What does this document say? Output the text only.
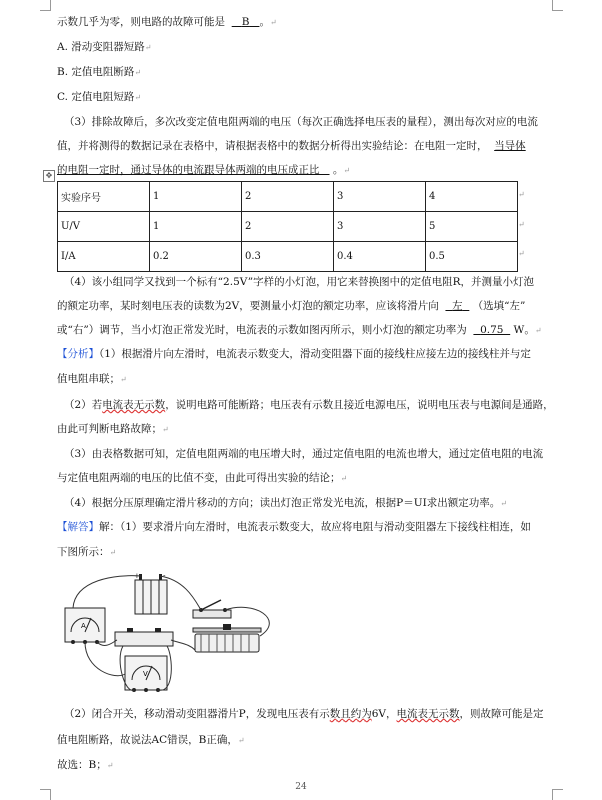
示数几乎为零，则电路的故障可能是 B 。↵
A. 滑动变阻器短路↵
B. 定值电阻断路↵
C. 定值电阻短路↵
（3）排除故障后，多次改变定值电阻两端的电压（每次正确选择电压表的量程），测出每次对应的电流
值，并将测得的数据记录在表格中，请根据表格中的数据分析得出实验结论：在电阻一定时， 当导体
的电阻一定时，通过导体的电流跟导体两端的电压成正比 。↵
✥
实验序号	1	2	3	4
U/V	1	2	3	5
I/A	0.2	0.3	0.4	0.5
↵
↵
↵
（4）该小组同学又找到一个标有“2.5V”字样的小灯泡，用它来替换图中的定值电阻R，并测量小灯泡
的额定功率，某时刻电压表的读数为2V，要测量小灯泡的额定功率，应该将滑片向 左 （选填“左”
或“右”）调节，当小灯泡正常发光时，电流表的示数如图丙所示，则小灯泡的额定功率为 0.75 W。↵
【分析】（1）根据滑片向左滑时，电流表示数变大，滑动变阻器下面的接线柱应接左边的接线柱并与定
值电阻串联；↵
（2）若电流表无示数，说明电路可能断路；电压表有示数且接近电源电压，说明电压表与电源间是通路，
由此可判断电路故障；↵
（3）由表格数据可知，定值电阻两端的电压增大时，通过定值电阻的电流也增大，通过定值电阻的电流
与定值电阻两端的电压的比值不变，由此可得出实验的结论；↵
（4）根据分压原理确定滑片移动的方向；读出灯泡正常发光电流，根据P＝UI求出额定功率。↵
【解答】解：（1）要求滑片向左滑时，电流表示数变大，故应将电阻与滑动变阻器左下接线柱相连，如
下图所示：↵
+	-
A
V
（2）闭合开关，移动滑动变阻器滑片P，发现电压表有示数且约为6V，电流表无示数，则故障可能是定
值电阻断路，故说法AC错误，B正确，↵
故选：B；↵
24
